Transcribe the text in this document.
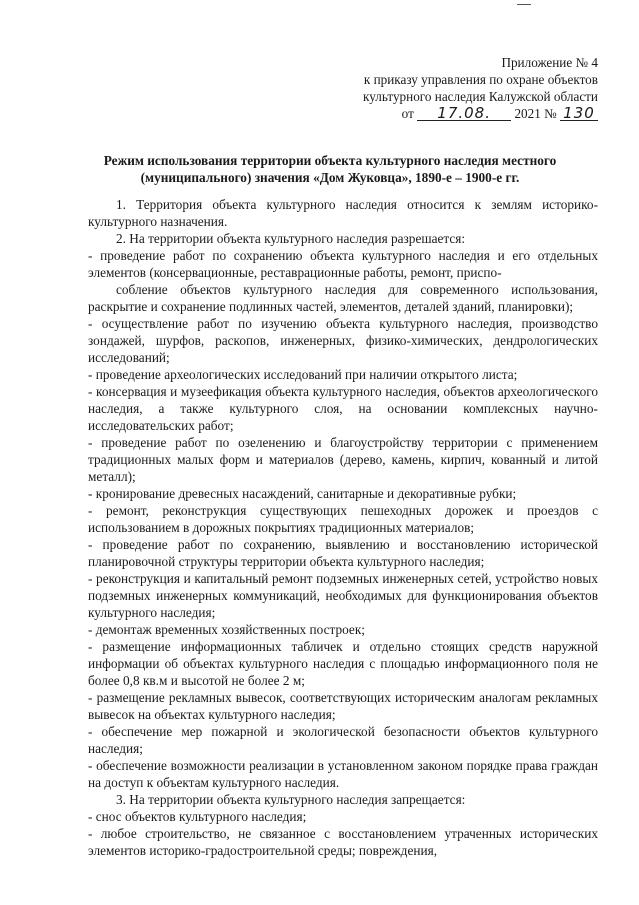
Приложение № 4
к приказу управления по охране объектов
культурного наследия Калужской области
от 17.08. 2021 № 130
Режим использования территории объекта культурного наследия местного (муниципального) значения «Дом Жуковца», 1890-е – 1900-е гг.

1. Территория объекта культурного наследия относится к землям историко-культурного назначения.

2. На территории объекта культурного наследия разрешается:

- проведение работ по сохранению объекта культурного наследия и его отдельных элементов (консервационные, реставрационные работы, ремонт, приспо-

собление объектов культурного наследия для современного использования, раскрытие и сохранение подлинных частей, элементов, деталей зданий, планировки);

- осуществление работ по изучению объекта культурного наследия, производство зондажей, шурфов, раскопов, инженерных, физико-химических, дендрологических исследований;

- проведение археологических исследований при наличии открытого листа;

- консервация и музеефикация объекта культурного наследия, объектов археологического наследия, а также культурного слоя, на основании комплексных научно-исследовательских работ;

- проведение работ по озеленению и благоустройству территории с применением традиционных малых форм и материалов (дерево, камень, кирпич, кованный и литой металл);

- кронирование древесных насаждений, санитарные и декоративные рубки;

- ремонт, реконструкция существующих пешеходных дорожек и проездов с использованием в дорожных покрытиях традиционных материалов;

- проведение работ по сохранению, выявлению и восстановлению исторической планировочной структуры территории объекта культурного наследия;

- реконструкция и капитальный ремонт подземных инженерных сетей, устройство новых подземных инженерных коммуникаций, необходимых для функционирования объектов культурного наследия;

- демонтаж временных хозяйственных построек;

- размещение информационных табличек и отдельно стоящих средств наружной информации об объектах культурного наследия с площадью информационного поля не более 0,8 кв.м и высотой не более 2 м;

- размещение рекламных вывесок, соответствующих историческим аналогам рекламных вывесок на объектах культурного наследия;

- обеспечение мер пожарной и экологической безопасности объектов культурного наследия;

- обеспечение возможности реализации в установленном законом порядке права граждан на доступ к объектам культурного наследия.

3. На территории объекта культурного наследия запрещается:

- снос объектов культурного наследия;

- любое строительство, не связанное с восстановлением утраченных исторических элементов историко-градостроительной среды; повреждения,
